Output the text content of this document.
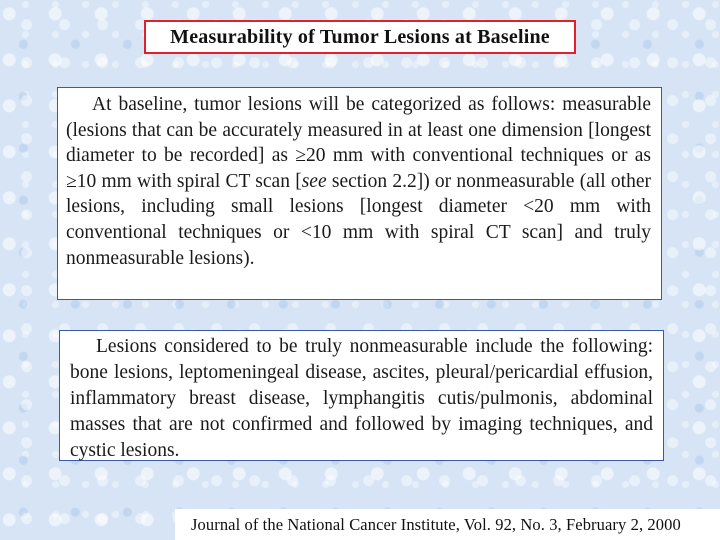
Measurability of Tumor Lesions at Baseline

At baseline, tumor lesions will be categorized as follows: measurable (lesions that can be accurately measured in at least one dimension [longest diameter to be recorded] as ≥20 mm with conventional techniques or as ≥10 mm with spiral CT scan [see section 2.2]) or nonmeasurable (all other lesions, including small lesions [longest diameter <20 mm with conventional techniques or <10 mm with spiral CT scan] and truly nonmeasurable lesions).

Lesions considered to be truly nonmeasurable include the following: bone lesions, leptomeningeal disease, ascites, pleural/pericardial effusion, inflammatory breast disease, lymphangitis cutis/pulmonis, abdominal masses that are not confirmed and followed by imaging techniques, and cystic lesions.

Journal of the National Cancer Institute, Vol. 92, No. 3, February 2, 2000
